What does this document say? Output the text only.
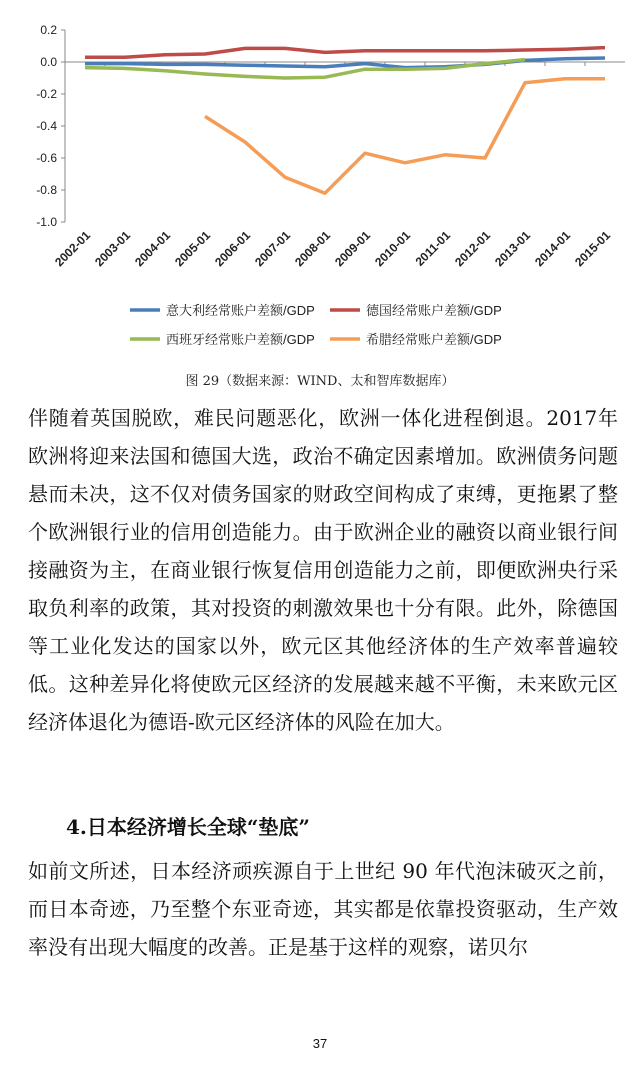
2002-01
2003-01
2004-01
2005-01
2006-01
2007-01
2008-01
2009-01
2010-01 2011-01
2012-01
2013-01
2014-01
2015-01
0.2
0.0
-0.2
-0.4
-0.6
-0.8
-1.0
意大利经常账户差额/GDP	德国经常账户差额/GDP
西班牙经常账户差额/GDP	希腊经常账户差额/GDP
图 29（数据来源：WIND、太和智库数据库）

伴随着英国脱欧，难民问题恶化，欧洲一体化进程倒退。2017年欧洲将迎来法国和德国大选，政治不确定因素增加。欧洲债务问题悬而未决，这不仅对债务国家的财政空间构成了束缚，更拖累了整个欧洲银行业的信用创造能力。由于欧洲企业的融资以商业银行间接融资为主，在商业银行恢复信用创造能力之前，即便欧洲央行采取负利率的政策，其对投资的刺激效果也十分有限。此外，除德国等工业化发达的国家以外，欧元区其他经济体的生产效率普遍较低。这种差异化将使欧元区经济的发展越来越不平衡，未来欧元区经济体退化为德语-欧元区经济体的风险在加大。

4.日本经济增长全球“垫底”

如前文所述，日本经济顽疾源自于上世纪 90 年代泡沫破灭之前，而日本奇迹，乃至整个东亚奇迹，其实都是依靠投资驱动，生产效率没有出现大幅度的改善。正是基于这样的观察，诺贝尔

37
